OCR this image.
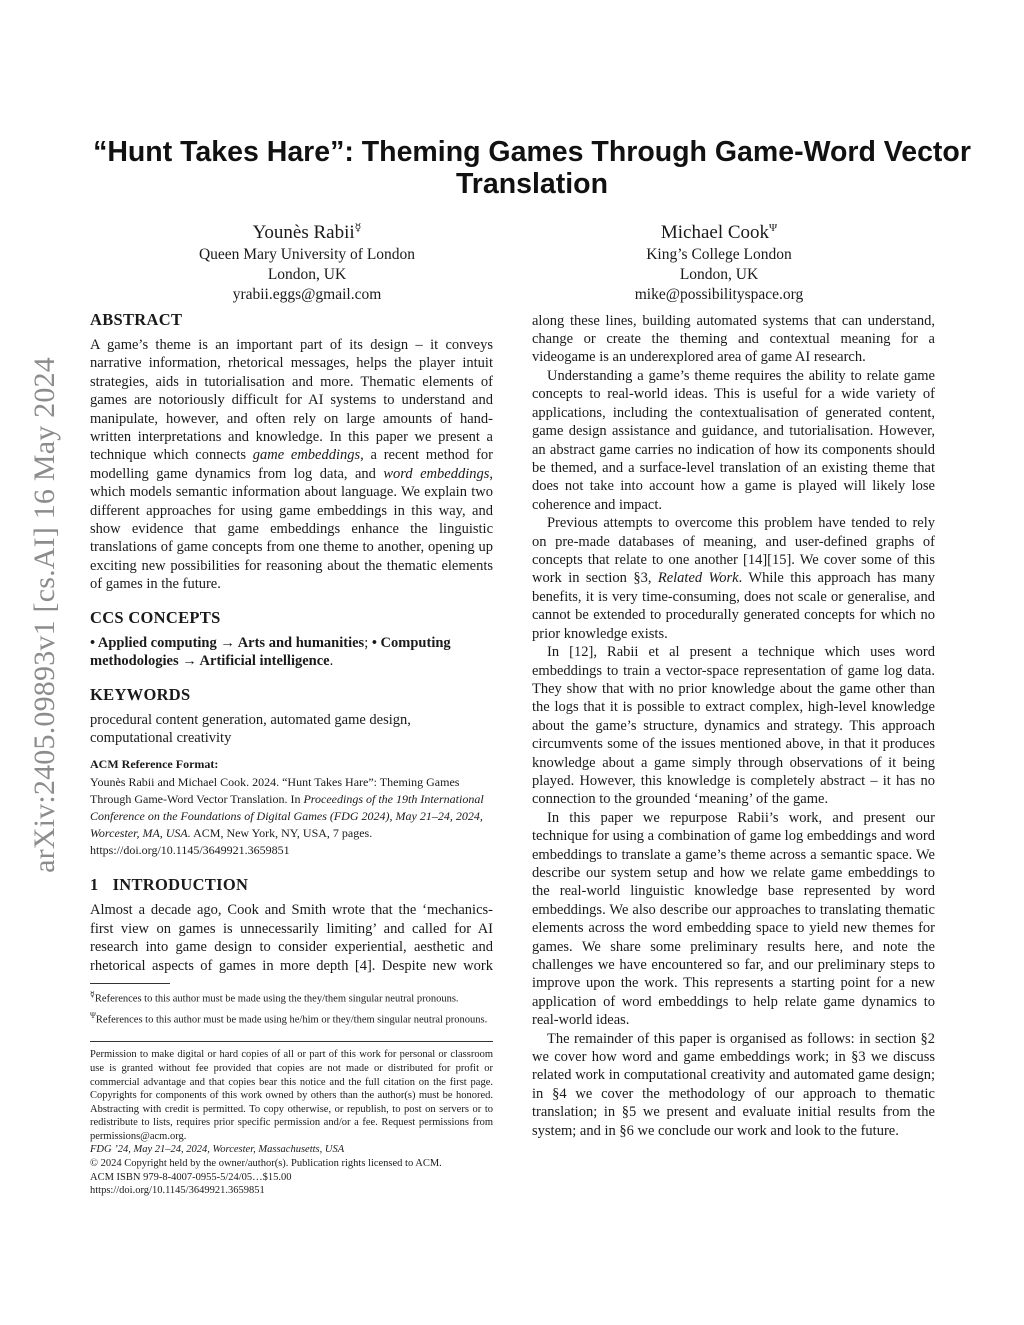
arXiv:2405.09893v1 [cs.AI] 16 May 2024
“Hunt Takes Hare”: Theming Games Through Game-Word Vector Translation
Younès Rabii☿
Queen Mary University of London
London, UK
yrabii.eggs@gmail.com
Michael Cook$^\Psi$
King’s College London
London, UK
mike@possibilityspace.org
ABSTRACT

A game’s theme is an important part of its design – it conveys narrative information, rhetorical messages, helps the player intuit strategies, aids in tutorialisation and more. Thematic elements of games are notoriously difficult for AI systems to understand and manipulate, however, and often rely on large amounts of hand-written interpretations and knowledge. In this paper we present a technique which connects game embeddings, a recent method for modelling game dynamics from log data, and word embeddings, which models semantic information about language. We explain two different approaches for using game embeddings in this way, and show evidence that game embeddings enhance the linguistic translations of game concepts from one theme to another, opening up exciting new possibilities for reasoning about the thematic elements of games in the future.

CCS CONCEPTS

• Applied computing → Arts and humanities; • Computing methodologies → Artificial intelligence.

KEYWORDS

procedural content generation, automated game design, computational creativity

ACM Reference Format:

Younès Rabii and Michael Cook. 2024. “Hunt Takes Hare”: Theming Games Through Game-Word Vector Translation. In Proceedings of the 19th International Conference on the Foundations of Digital Games (FDG 2024), May 21–24, 2024, Worcester, MA, USA. ACM, New York, NY, USA, 7 pages. https://doi.org/10.1145/3649921.3659851

1 INTRODUCTION

Almost a decade ago, Cook and Smith wrote that the ‘mechanics-first view on games is unnecessarily limiting’ and called for AI research into game design to consider experiential, aesthetic and rhetorical aspects of games in more depth [4]. Despite new work

☿References to this author must be made using the they/them singular neutral pronouns.

$^\Psi$References to this author must be made using he/him or they/them singular neutral pronouns.

Permission to make digital or hard copies of all or part of this work for personal or classroom use is granted without fee provided that copies are not made or distributed for profit or commercial advantage and that copies bear this notice and the full citation on the first page. Copyrights for components of this work owned by others than the author(s) must be honored. Abstracting with credit is permitted. To copy otherwise, or republish, to post on servers or to redistribute to lists, requires prior specific permission and/or a fee. Request permissions from permissions@acm.org.

FDG ’24, May 21–24, 2024, Worcester, Massachusetts, USA

© 2024 Copyright held by the owner/author(s). Publication rights licensed to ACM.

ACM ISBN 979-8-4007-0955-5/24/05…$15.00

https://doi.org/10.1145/3649921.3659851

along these lines, building automated systems that can understand, change or create the theming and contextual meaning for a videogame is an underexplored area of game AI research.

Understanding a game’s theme requires the ability to relate game concepts to real-world ideas. This is useful for a wide variety of applications, including the contextualisation of generated content, game design assistance and guidance, and tutorialisation. However, an abstract game carries no indication of how its components should be themed, and a surface-level translation of an existing theme that does not take into account how a game is played will likely lose coherence and impact.

Previous attempts to overcome this problem have tended to rely on pre-made databases of meaning, and user-defined graphs of concepts that relate to one another [14][15]. We cover some of this work in section §3, Related Work. While this approach has many benefits, it is very time-consuming, does not scale or generalise, and cannot be extended to procedurally generated concepts for which no prior knowledge exists.

In [12], Rabii et al present a technique which uses word embeddings to train a vector-space representation of game log data. They show that with no prior knowledge about the game other than the logs that it is possible to extract complex, high-level knowledge about the game’s structure, dynamics and strategy. This approach circumvents some of the issues mentioned above, in that it produces knowledge about a game simply through observations of it being played. However, this knowledge is completely abstract – it has no connection to the grounded ‘meaning’ of the game.

In this paper we repurpose Rabii’s work, and present our technique for using a combination of game log embeddings and word embeddings to translate a game’s theme across a semantic space. We describe our system setup and how we relate game embeddings to the real-world linguistic knowledge base represented by word embeddings. We also describe our approaches to translating thematic elements across the word embedding space to yield new themes for games. We share some preliminary results here, and note the challenges we have encountered so far, and our preliminary steps to improve upon the work. This represents a starting point for a new application of word embeddings to help relate game dynamics to real-world ideas.

The remainder of this paper is organised as follows: in section §2 we cover how word and game embeddings work; in §3 we discuss related work in computational creativity and automated game design; in §4 we cover the methodology of our approach to thematic translation; in §5 we present and evaluate initial results from the system; and in §6 we conclude our work and look to the future.
